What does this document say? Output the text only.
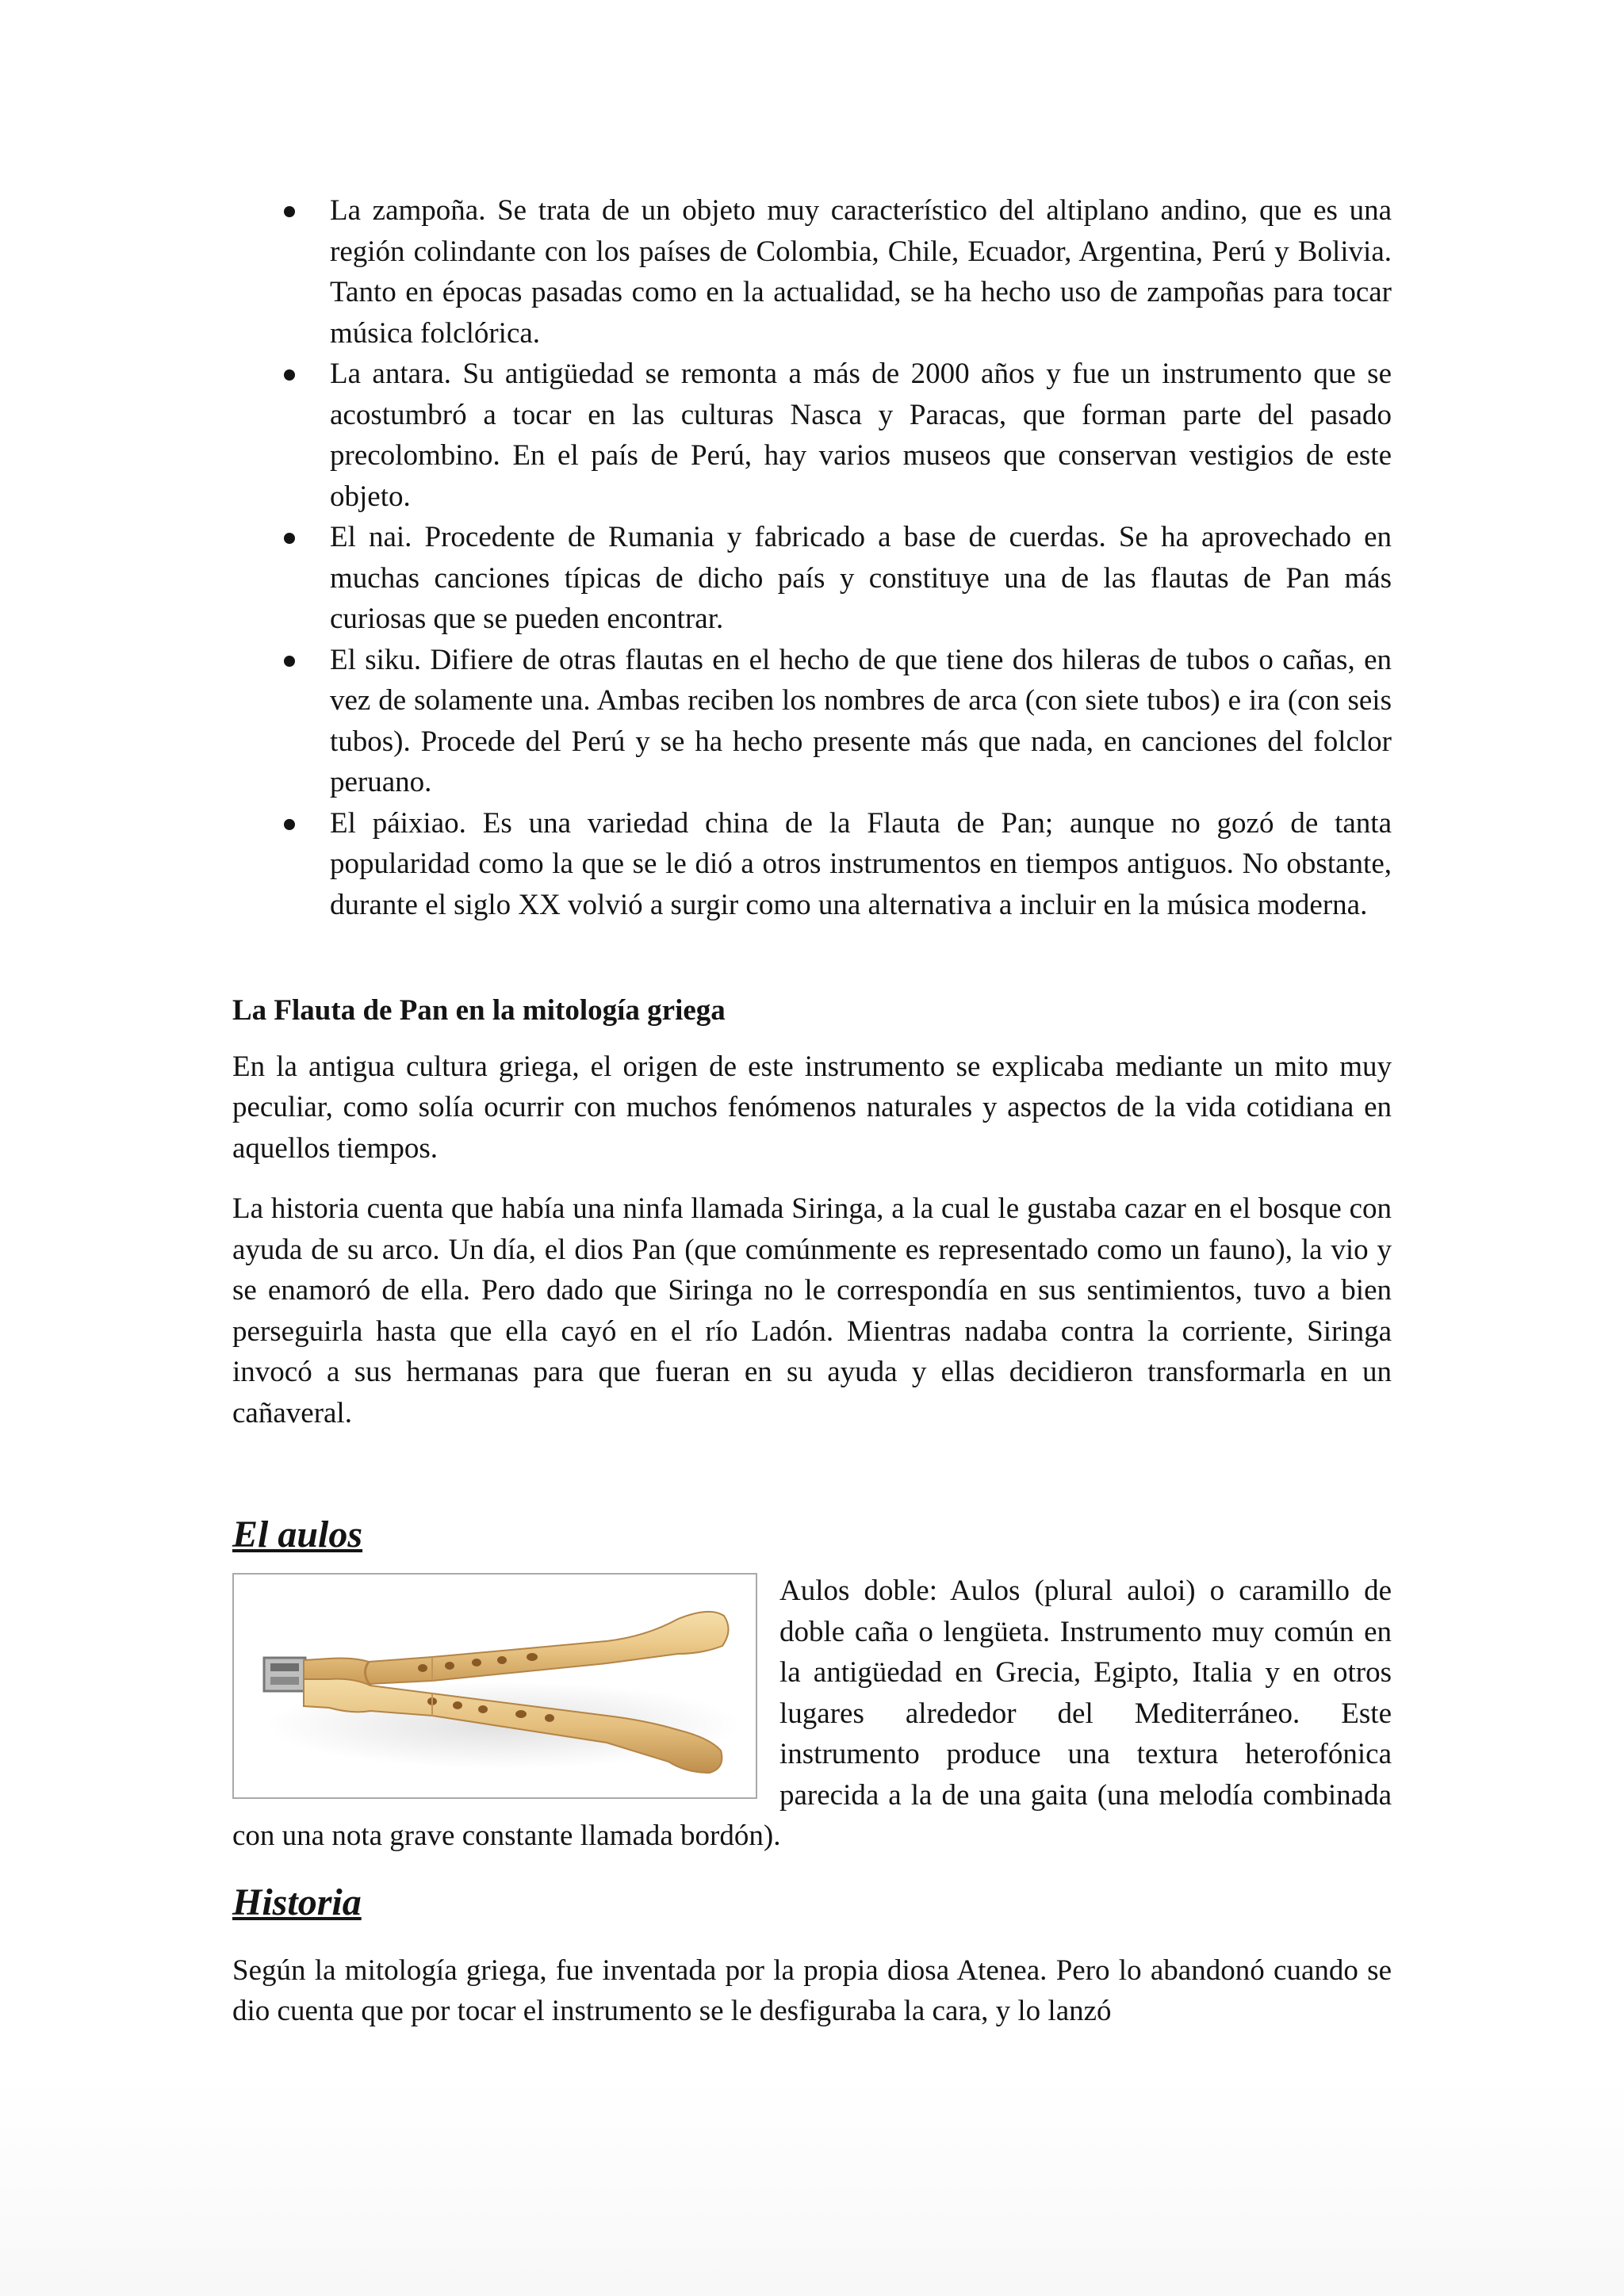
La zampoña. Se trata de un objeto muy característico del altiplano andino, que es una región colindante con los países de Colombia, Chile, Ecuador, Argentina, Perú y Bolivia. Tanto en épocas pasadas como en la actualidad, se ha hecho uso de zampoñas para tocar música folclórica.
La antara. Su antigüedad se remonta a más de 2000 años y fue un instrumento que se acostumbró a tocar en las culturas Nasca y Paracas, que forman parte del pasado precolombino. En el país de Perú, hay varios museos que conservan vestigios de este objeto.
El nai. Procedente de Rumania y fabricado a base de cuerdas. Se ha aprovechado en muchas canciones típicas de dicho país y constituye una de las flautas de Pan más curiosas que se pueden encontrar.
El siku. Difiere de otras flautas en el hecho de que tiene dos hileras de tubos o cañas, en vez de solamente una. Ambas reciben los nombres de arca (con siete tubos) e ira (con seis tubos). Procede del Perú y se ha hecho presente más que nada, en canciones del folclor peruano.
El páixiao. Es una variedad china de la Flauta de Pan; aunque no gozó de tanta popularidad como la que se le dió a otros instrumentos en tiempos antiguos. No obstante, durante el siglo XX volvió a surgir como una alternativa a incluir en la música moderna.
La Flauta de Pan en la mitología griega

En la antigua cultura griega, el origen de este instrumento se explicaba mediante un mito muy peculiar, como solía ocurrir con muchos fenómenos naturales y aspectos de la vida cotidiana en aquellos tiempos.

La historia cuenta que había una ninfa llamada Siringa, a la cual le gustaba cazar en el bosque con ayuda de su arco. Un día, el dios Pan (que comúnmente es representado como un fauno), la vio y se enamoró de ella. Pero dado que Siringa no le correspondía en sus sentimientos, tuvo a bien perseguirla hasta que ella cayó en el río Ladón. Mientras nadaba contra la corriente, Siringa invocó a sus hermanas para que fueran en su ayuda y ellas decidieron transformarla en un cañaveral.

El aulos

Aulos doble: Aulos (plural auloi) o caramillo de doble caña o lengüeta. Instrumento muy común en la antigüedad en Grecia, Egipto, Italia y en otros lugares alrededor del Mediterráneo. Este instrumento produce una textura heterofónica parecida a la de una gaita (una melodía combinada con una nota grave constante llamada bordón).

Historia

Según la mitología griega, fue inventada por la propia diosa Atenea. Pero lo abandonó cuando se dio cuenta que por tocar el instrumento se le desfiguraba la cara, y lo lanzó
